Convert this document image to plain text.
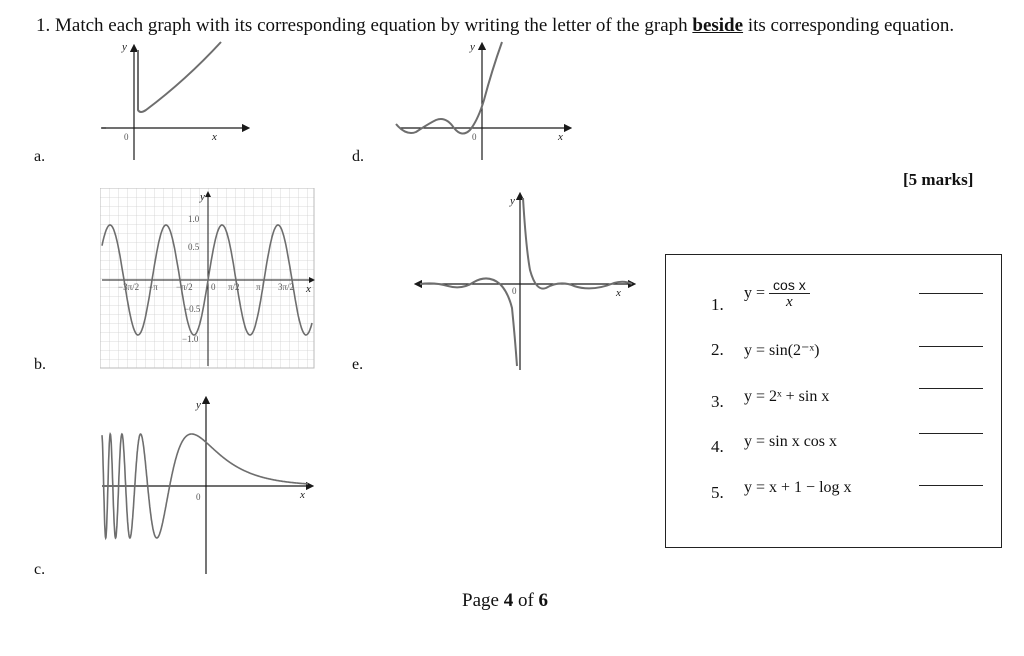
1. Match each graph with its corresponding equation by writing the letter of the graph beside its corresponding equation.
a.	d.
b.	e.
c.
[5 marks]
y
0	x
y
0	x
y
x
1.0
0.5
−0.5
−1.0
−3π/2 −π −π/2 0 π/2 π 3π/2
y
0	x
y
0	x
1.
$y = \frac{\text{cos x}}{x}$
2. y = sin(2⁻ˣ)
3. y = 2ˣ + sin x
4. y = sin x cos x
5. y = x + 1 − log x
Page 4 of 6
